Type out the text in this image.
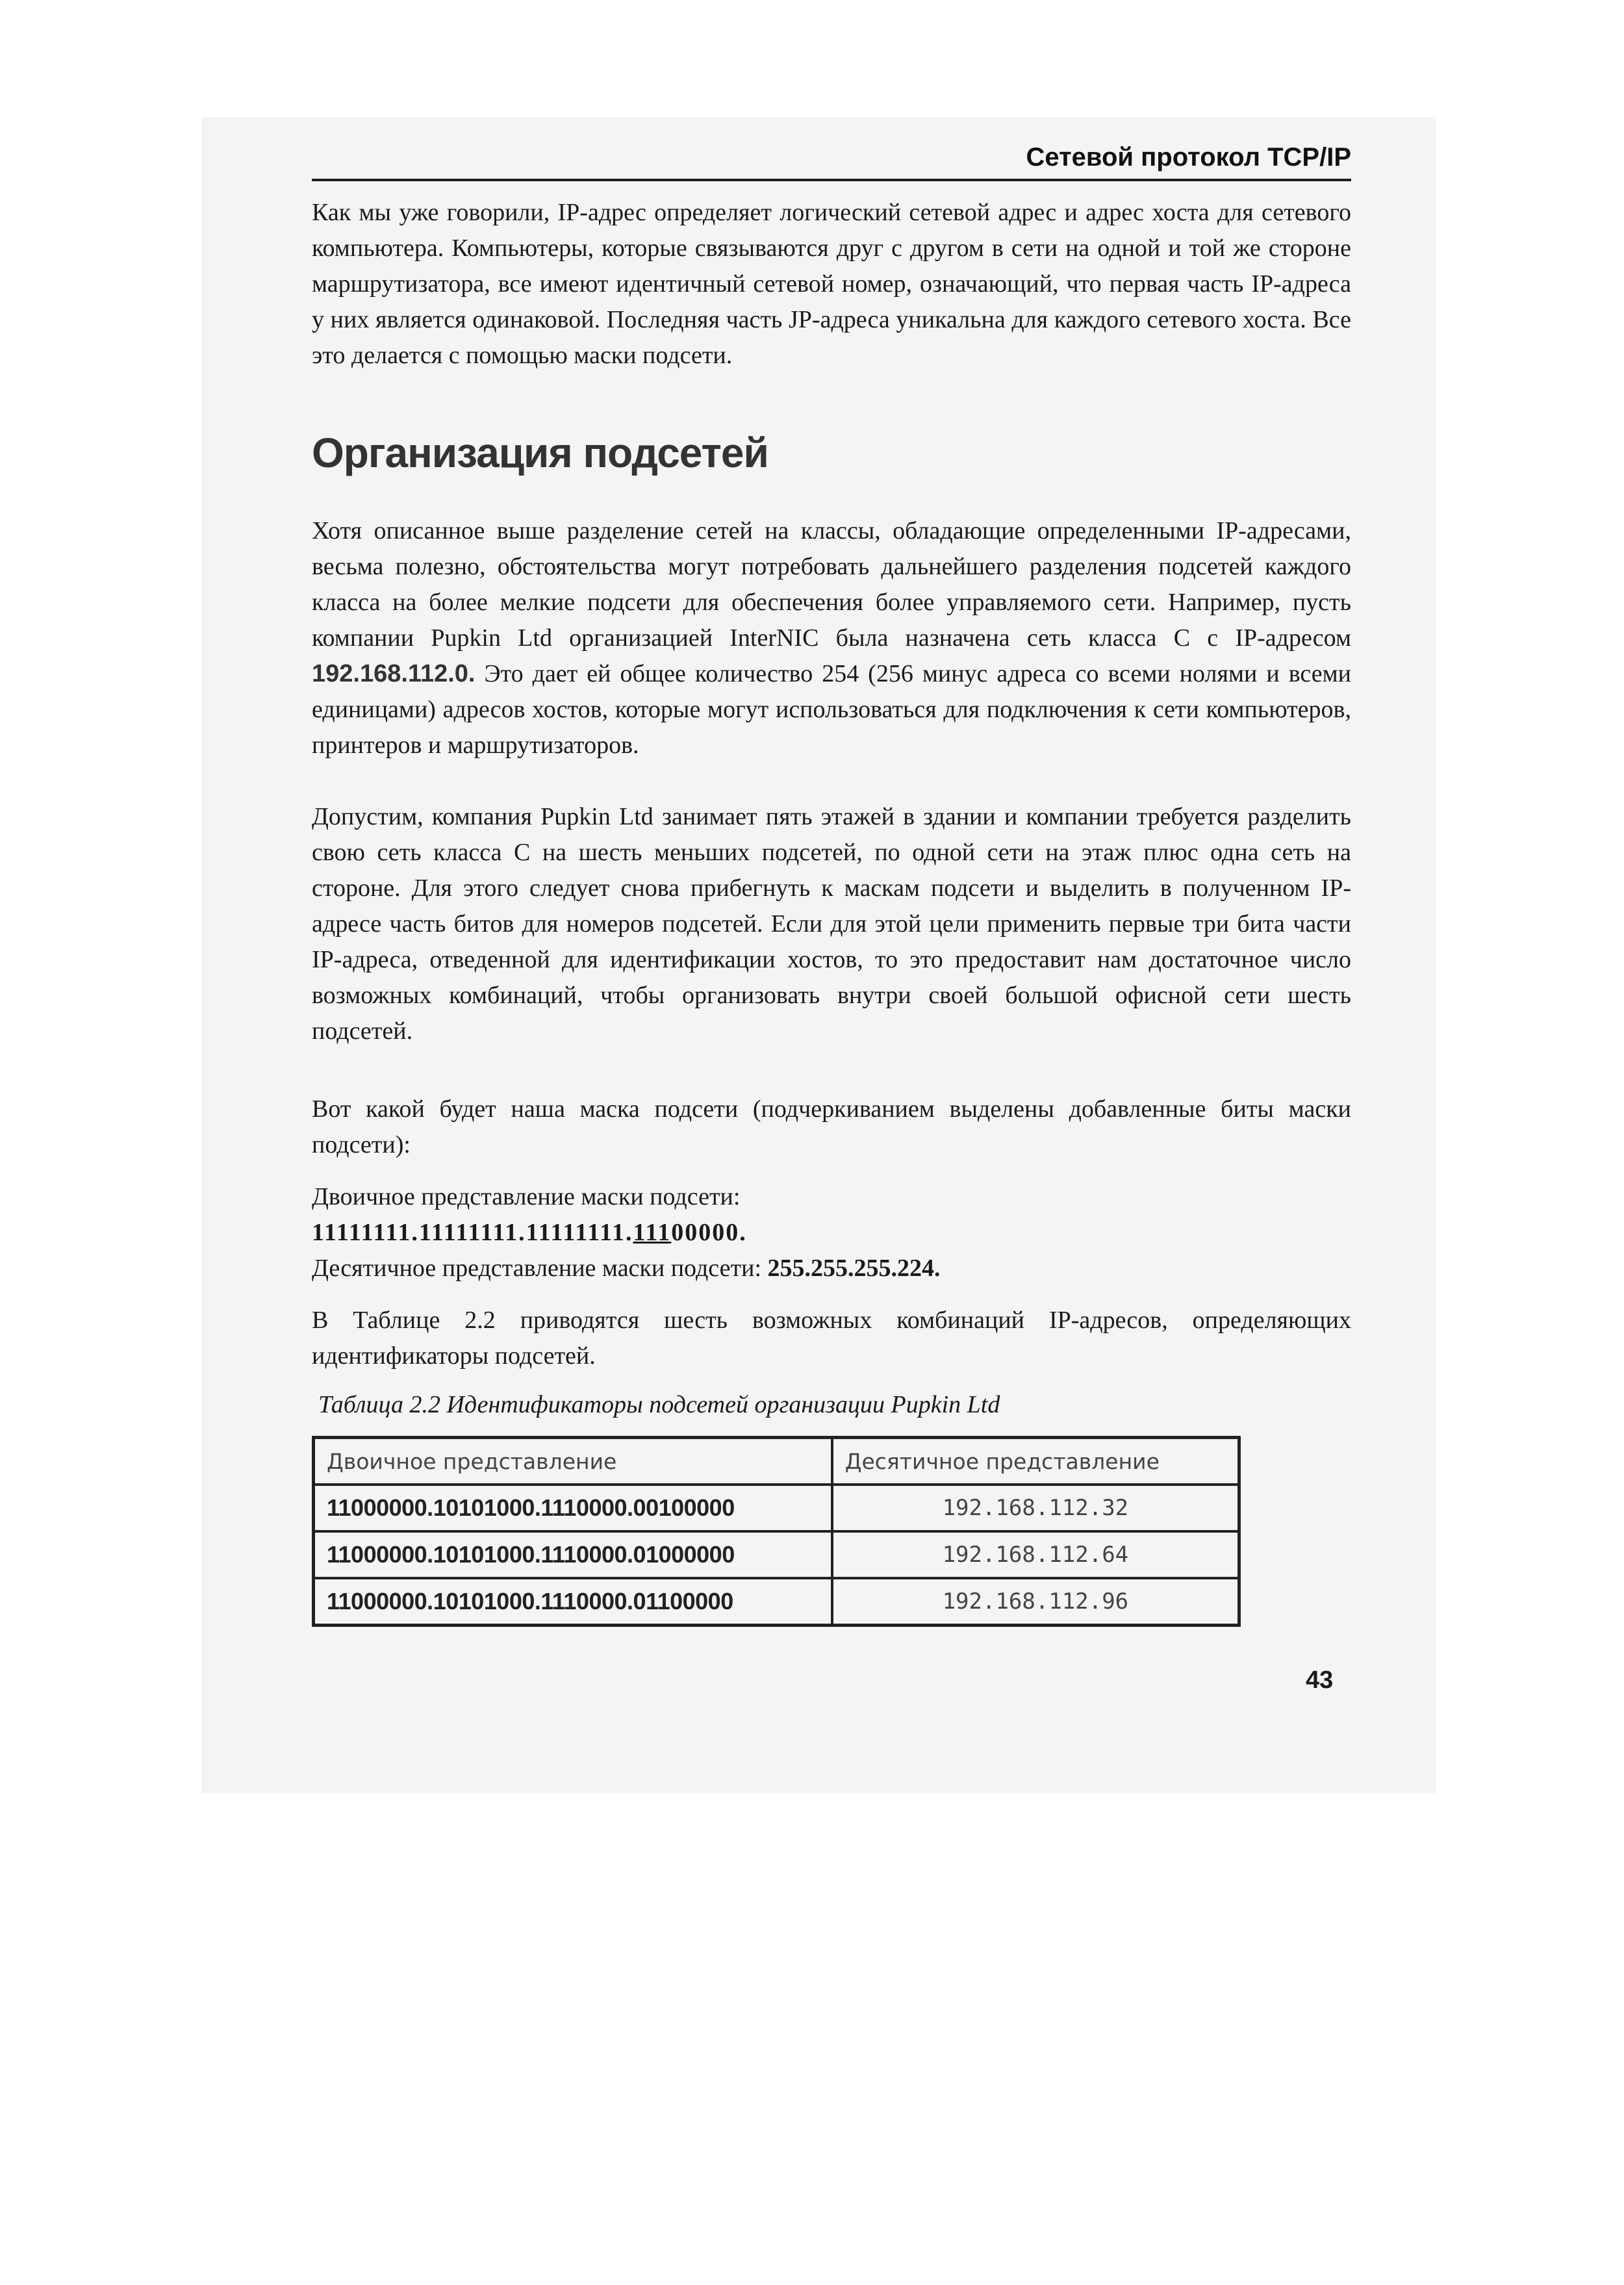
Сетевой протокол TCP/IP
Как мы уже говорили, IP-адрес определяет логический сетевой адрес и адрес хоста для сетевого компьютера. Компьютеры, которые связываются друг с другом в сети на одной и той же стороне маршрутизатора, все имеют идентичный сетевой номер, означающий, что первая часть IP-адреса у них является одинаковой. Последняя часть JP-адреса уникальна для каждого сетевого хоста. Все это делается с помощью маски подсети.
Организация подсетей
Хотя описанное выше разделение сетей на классы, обладающие определенными IP-адресами, весьма полезно, обстоятельства могут потребовать дальнейшего разделения подсетей каждого класса на более мелкие подсети для обеспечения более управляемого сети. Например, пусть компании Pupkin Ltd организацией InterNIC была назначена сеть класса С с IP-адресом 192.168.112.0. Это дает ей общее количество 254 (256 минус адреса со всеми нолями и всеми единицами) адресов хостов, которые могут использоваться для подключения к сети компьютеров, принтеров и маршрутизаторов.
Допустим, компания Pupkin Ltd занимает пять этажей в здании и компании требуется разделить свою сеть класса С на шесть меньших подсетей, по одной сети на этаж плюс одна сеть на стороне. Для этого следует снова прибегнуть к маскам подсети и выделить в полученном IP-адресе часть битов для номеров подсетей. Если для этой цели применить первые три бита части IP-адреса, отведенной для идентификации хостов, то это предоставит нам достаточное число возможных комбинаций, чтобы организовать внутри своей большой офисной сети шесть подсетей.
Вот какой будет наша маска подсети (подчеркиванием выделены добавленные биты маски подсети):
Двоичное представление маски подсети:
11111111.11111111.11111111.11100000.
Десятичное представление маски подсети: 255.255.255.224.
В Таблице 2.2 приводятся шесть возможных комбинаций IP-адресов, определяющих идентификаторы подсетей.
Таблица 2.2 Идентификаторы подсетей организации Pupkin Ltd
Двоичное представление	Десятичное представление
11000000.10101000.1110000.00100000	192.168.112.32
11000000.10101000.1110000.01000000	192.168.112.64
11000000.10101000.1110000.01100000	192.168.112.96
43
